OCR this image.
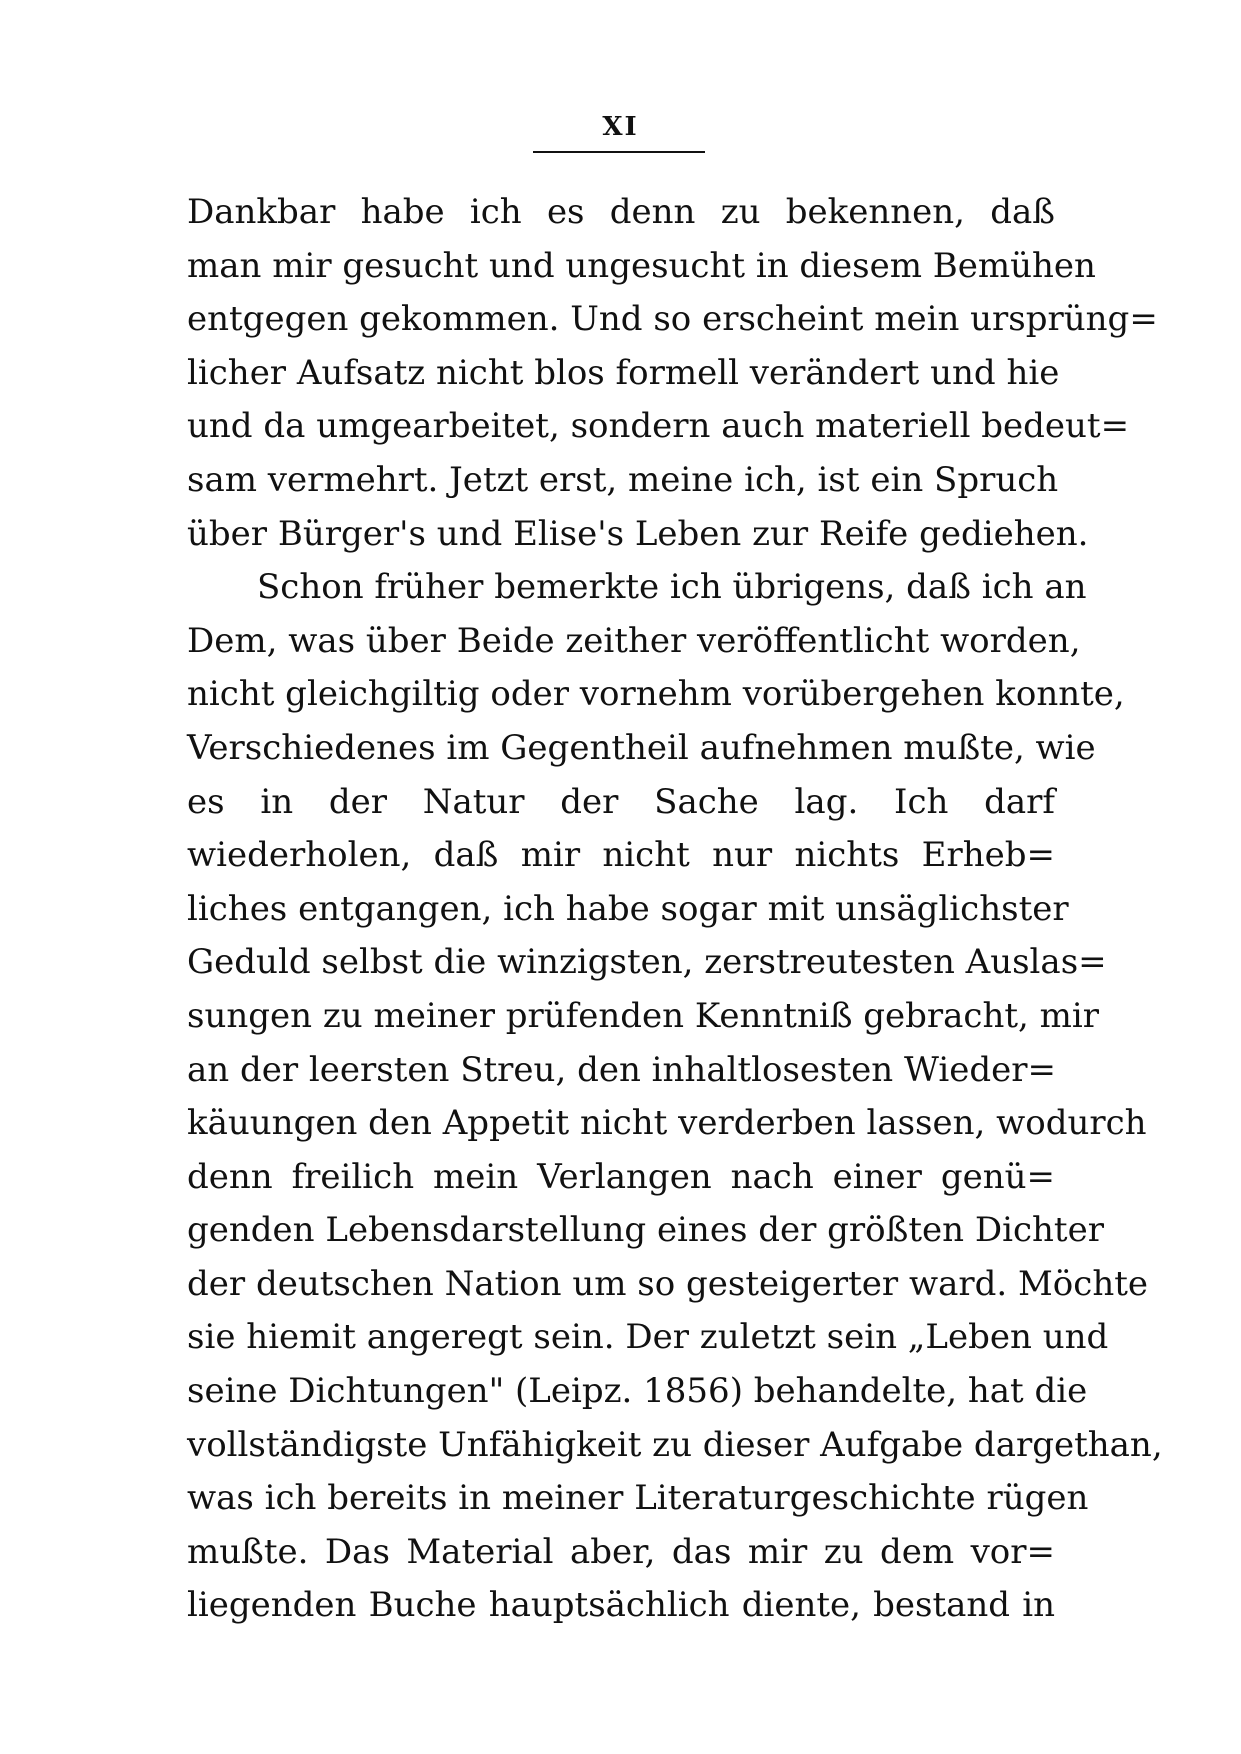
XI
Dankbar habe ich es denn zu bekennen, daß
man mir gesucht und ungesucht in diesem Bemühen
entgegen gekommen. Und so erscheint mein ursprüng=
licher Aufsatz nicht blos formell verändert und hie
und da umgearbeitet, sondern auch materiell bedeut=
sam vermehrt. Jetzt erst, meine ich, ist ein Spruch
über Bürger's und Elise's Leben zur Reife gediehen.
Schon früher bemerkte ich übrigens, daß ich an
Dem, was über Beide zeither veröffentlicht worden,
nicht gleichgiltig oder vornehm vorübergehen konnte,
Verschiedenes im Gegentheil aufnehmen mußte, wie
es in der Natur der Sache lag. Ich darf
wiederholen, daß mir nicht nur nichts Erheb=
liches entgangen, ich habe sogar mit unsäglichster
Geduld selbst die winzigsten, zerstreutesten Auslas=
sungen zu meiner prüfenden Kenntniß gebracht, mir
an der leersten Streu, den inhaltlosesten Wieder=
käuungen den Appetit nicht verderben lassen, wodurch
denn freilich mein Verlangen nach einer genü=
genden Lebensdarstellung eines der größten Dichter
der deutschen Nation um so gesteigerter ward. Möchte
sie hiemit angeregt sein. Der zuletzt sein „Leben und
seine Dichtungen" (Leipz. 1856) behandelte, hat die
vollständigste Unfähigkeit zu dieser Aufgabe dargethan,
was ich bereits in meiner Literaturgeschichte rügen
mußte. Das Material aber, das mir zu dem vor=
liegenden Buche hauptsächlich diente, bestand in
